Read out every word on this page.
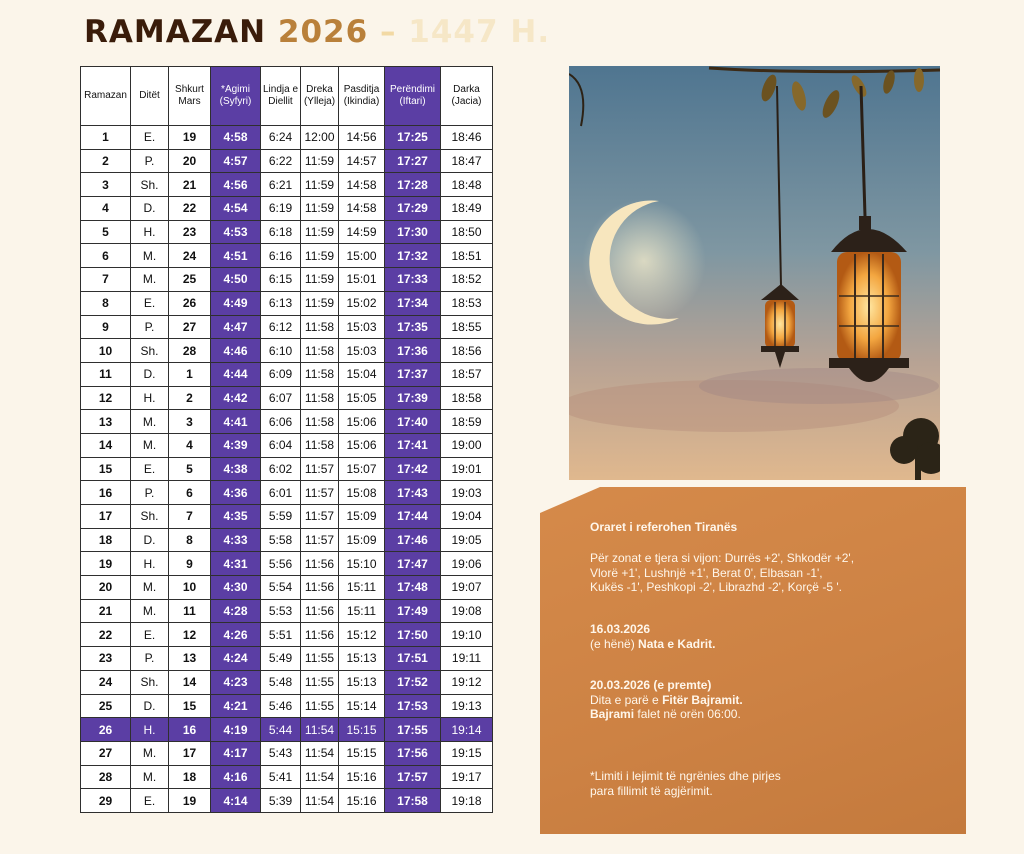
RAMAZAN 2026 – 1447 H.
Ramazan	Ditët	Shkurt Mars	*Agimi (Syfyri)	Lindja e Diellit	Dreka (Ylleja)	Pasditja (Ikindia)	Perëndimi (Iftari)	Darka (Jacia)
1	E.	19	4:58	6:24	12:00	14:56	17:25	18:46
2	P.	20	4:57	6:22	11:59	14:57	17:27	18:47
3	Sh.	21	4:56	6:21	11:59	14:58	17:28	18:48
4	D.	22	4:54	6:19	11:59	14:58	17:29	18:49
5	H.	23	4:53	6:18	11:59	14:59	17:30	18:50
6	M.	24	4:51	6:16	11:59	15:00	17:32	18:51
7	M.	25	4:50	6:15	11:59	15:01	17:33	18:52
8	E.	26	4:49	6:13	11:59	15:02	17:34	18:53
9	P.	27	4:47	6:12	11:58	15:03	17:35	18:55
10	Sh.	28	4:46	6:10	11:58	15:03	17:36	18:56
11	D.	1	4:44	6:09	11:58	15:04	17:37	18:57
12	H.	2	4:42	6:07	11:58	15:05	17:39	18:58
13	M.	3	4:41	6:06	11:58	15:06	17:40	18:59
14	M.	4	4:39	6:04	11:58	15:06	17:41	19:00
15	E.	5	4:38	6:02	11:57	15:07	17:42	19:01
16	P.	6	4:36	6:01	11:57	15:08	17:43	19:03
17	Sh.	7	4:35	5:59	11:57	15:09	17:44	19:04
18	D.	8	4:33	5:58	11:57	15:09	17:46	19:05
19	H.	9	4:31	5:56	11:56	15:10	17:47	19:06
20	M.	10	4:30	5:54	11:56	15:11	17:48	19:07
21	M.	11	4:28	5:53	11:56	15:11	17:49	19:08
22	E.	12	4:26	5:51	11:56	15:12	17:50	19:10
23	P.	13	4:24	5:49	11:55	15:13	17:51	19:11
24	Sh.	14	4:23	5:48	11:55	15:13	17:52	19:12
25	D.	15	4:21	5:46	11:55	15:14	17:53	19:13
26	H.	16	4:19	5:44	11:54	15:15	17:55	19:14
27	M.	17	4:17	5:43	11:54	15:15	17:56	19:15
28	M.	18	4:16	5:41	11:54	15:16	17:57	19:17
29	E.	19	4:14	5:39	11:54	15:16	17:58	19:18
Oraret i referohen Tiranës
Për zonat e tjera si vijon: Durrës +2', Shkodër +2',
Vlorë +1', Lushnjë +1', Berat 0', Elbasan -1',
Kukës -1', Peshkopi -2', Librazhd -2', Korçë -5 '.
16.03.2026
(e hënë) Nata e Kadrit.
20.03.2026 (e premte)
Dita e parë e Fitër Bajramit.
Bajrami falet në orën 06:00.
*Limiti i lejimit të ngrënies dhe pirjes
para fillimit të agjërimit.
